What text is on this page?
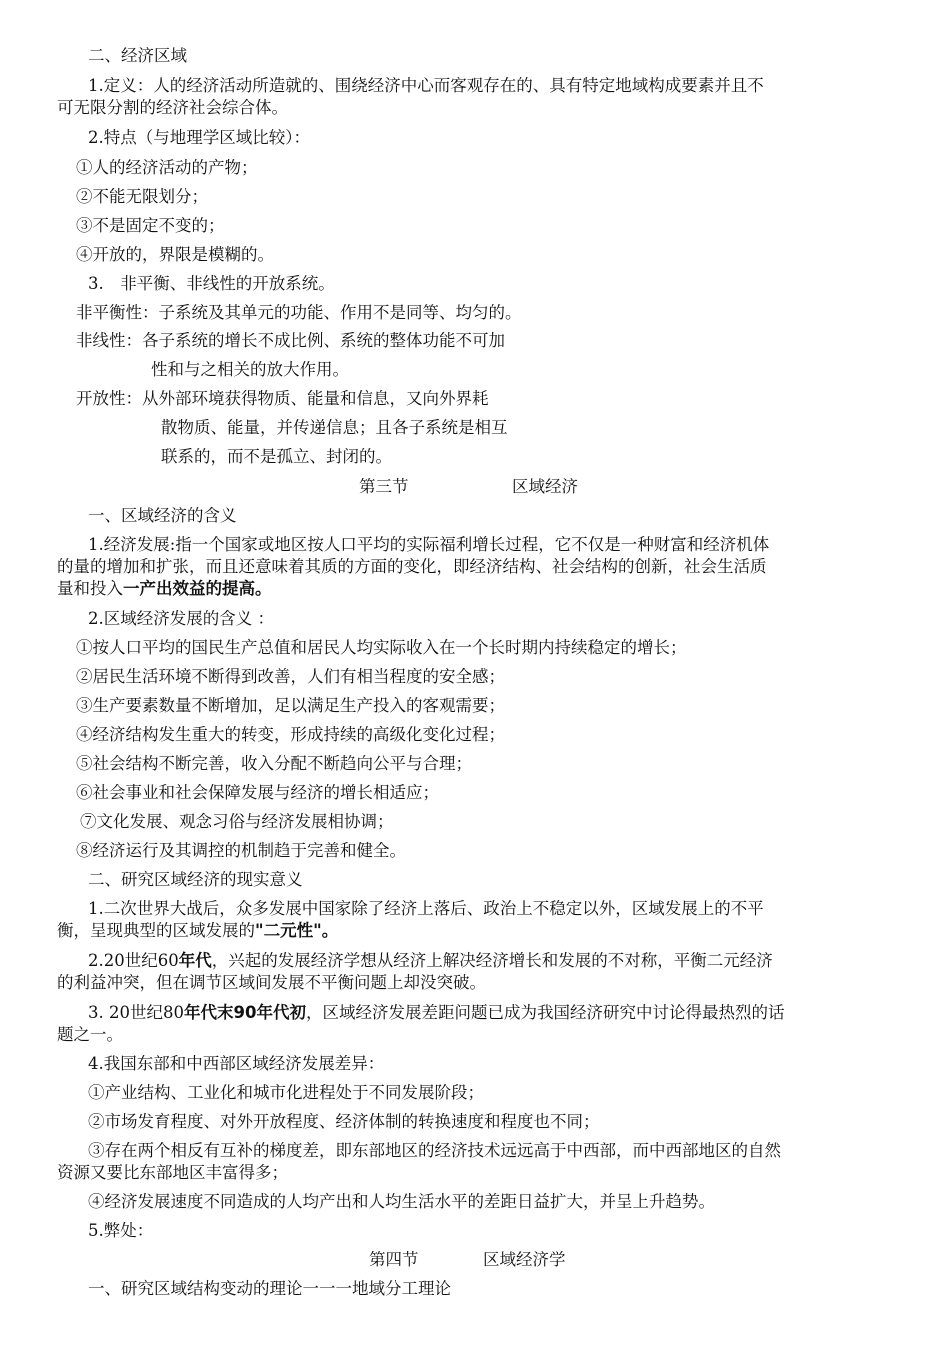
二、经济区域
1.定义：人的经济活动所造就的、围绕经济中心而客观存在的、具有特定地域构成要素并且不
可无限分割的经济社会综合体。
2.特点（与地理学区域比较）：
①人的经济活动的产物；
②不能无限划分；
③不是固定不变的；
④开放的，界限是模糊的。
3.　非平衡、非线性的开放系统。
非平衡性：子系统及其单元的功能、作用不是同等、均匀的。
非线性：各子系统的增长不成比例、系统的整体功能不可加
性和与之相关的放大作用。
开放性：从外部环境获得物质、能量和信息，又向外界耗
散物质、能量，并传递信息；且各子系统是相互
联系的，而不是孤立、封闭的。
第三节	区域经济
一、区域经济的含义
1.经济发展:指一个国家或地区按人口平均的实际福利增长过程，它不仅是一种财富和经济机体
的量的增加和扩张，而且还意味着其质的方面的变化，即经济结构、社会结构的创新，社会生活质
量和投入一产出效益的提高。
2.区域经济发展的含义 ：
①按人口平均的国民生产总值和居民人均实际收入在一个长时期内持续稳定的增长；
②居民生活环境不断得到改善，人们有相当程度的安全感；
③生产要素数量不断增加，足以满足生产投入的客观需要；
④经济结构发生重大的转变，形成持续的高级化变化过程；
⑤社会结构不断完善，收入分配不断趋向公平与合理；
⑥社会事业和社会保障发展与经济的增长相适应；
⑦文化发展、观念习俗与经济发展相协调；
⑧经济运行及其调控的机制趋于完善和健全。
二、研究区域经济的现实意义
1.二次世界大战后，众多发展中国家除了经济上落后、政治上不稳定以外，区域发展上的不平
衡，呈现典型的区域发展的"二元性"。
2.20世纪60年代，兴起的发展经济学想从经济上解决经济增长和发展的不对称，平衡二元经济
的利益冲突，但在调节区域间发展不平衡问题上却没突破。
3. 20世纪80年代末90年代初，区域经济发展差距问题已成为我国经济研究中讨论得最热烈的话
题之一。
4.我国东部和中西部区域经济发展差异：
①产业结构、工业化和城市化进程处于不同发展阶段；
②市场发育程度、对外开放程度、经济体制的转换速度和程度也不同；
③存在两个相反有互补的梯度差，即东部地区的经济技术远远高于中西部，而中西部地区的自然
资源又要比东部地区丰富得多；
④经济发展速度不同造成的人均产出和人均生活水平的差距日益扩大，并呈上升趋势。
5.弊处：
第四节	区域经济学
一、研究区域结构变动的理论一一一地域分工理论
